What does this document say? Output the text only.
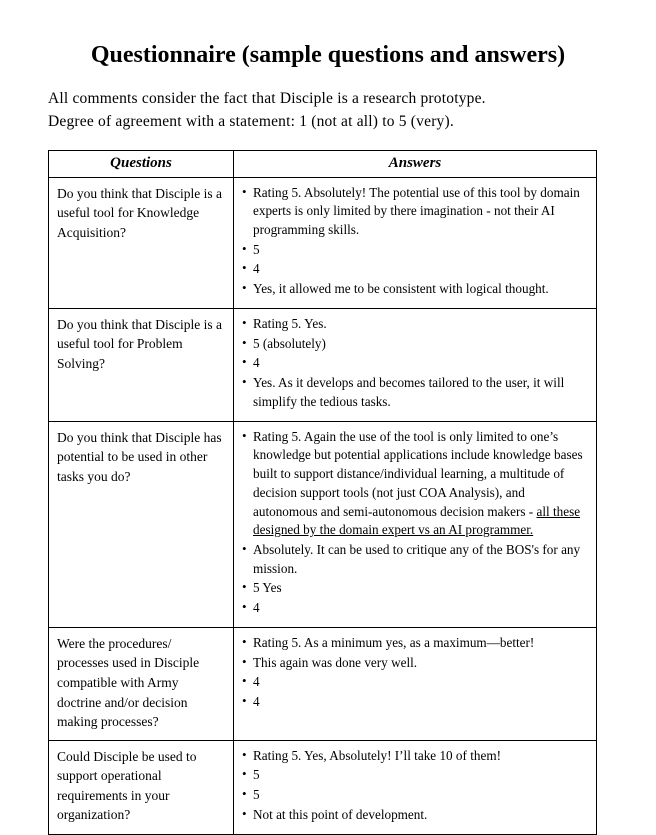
Questionnaire (sample questions and answers)
All comments consider the fact that Disciple is a research prototype.
Degree of agreement with a statement: 1 (not at all) to 5 (very).
Questions	Answers
Do you think that Disciple is a useful tool for Knowledge Acquisition?	
• Rating 5. Absolutely! The potential use of this tool by domain experts is only limited by there imagination - not their AI programming skills.
• 5
• 4
• Yes, it allowed me to be consistent with logical thought.

Do you think that Disciple is a useful tool for Problem Solving?	
• Rating 5. Yes.
• 5 (absolutely)
• 4
• Yes. As it develops and becomes tailored to the user, it will simplify the tedious tasks.

Do you think that Disciple has potential to be used in other tasks you do?	
• Rating 5. Again the use of the tool is only limited to one’s knowledge but potential applications include knowledge bases built to support distance/individual learning, a multitude of decision support tools (not just COA Analysis), and autonomous and semi-autonomous decision makers - all these designed by the domain expert vs an AI programmer.
• Absolutely. It can be used to critique any of the BOS's for any mission.
• 5 Yes
• 4

Were the procedures/ processes used in Disciple compatible with Army doctrine and/or decision making processes?	
• Rating 5. As a minimum yes, as a maximum—better!
• This again was done very well.
• 4
• 4

Could Disciple be used to support operational requirements in your organization?	
• Rating 5. Yes, Absolutely! I’ll take 10 of them!
• 5
• 5
• Not at this point of development.
